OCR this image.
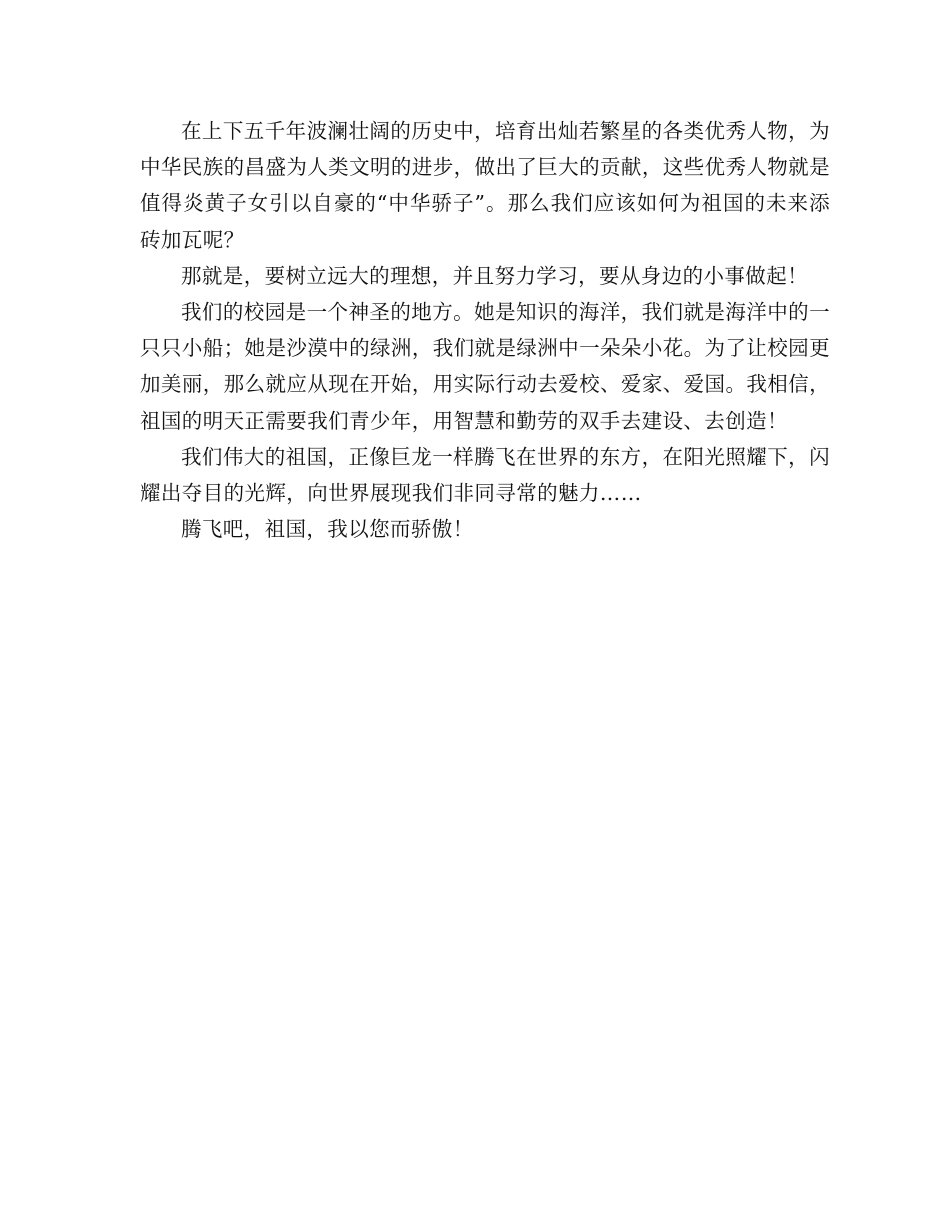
在上下五千年波澜壮阔的历史中，培育出灿若繁星的各类优秀人物，为中华民族的昌盛为人类文明的进步，做出了巨大的贡献，这些优秀人物就是值得炎黄子女引以自豪的“中华骄子”。那么我们应该如何为祖国的未来添砖加瓦呢？

那就是，要树立远大的理想，并且努力学习，要从身边的小事做起！

我们的校园是一个神圣的地方。她是知识的海洋，我们就是海洋中的一只只小船；她是沙漠中的绿洲，我们就是绿洲中一朵朵小花。为了让校园更加美丽，那么就应从现在开始，用实际行动去爱校、爱家、爱国。我相信，祖国的明天正需要我们青少年，用智慧和勤劳的双手去建设、去创造！

我们伟大的祖国，正像巨龙一样腾飞在世界的东方，在阳光照耀下，闪耀出夺目的光辉，向世界展现我们非同寻常的魅力……

腾飞吧，祖国，我以您而骄傲！
